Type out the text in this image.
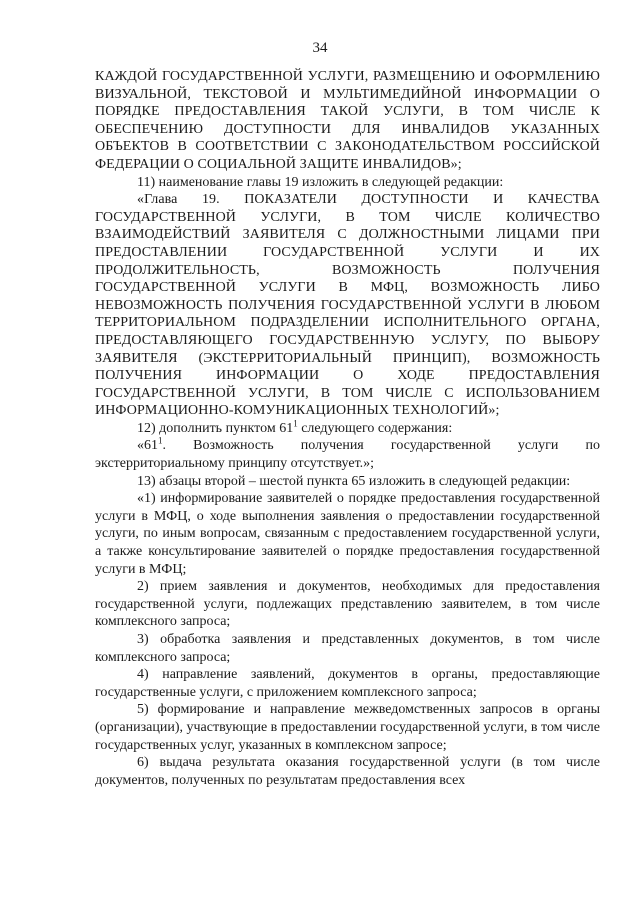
34

КАЖДОЙ ГОСУДАРСТВЕННОЙ УСЛУГИ, РАЗМЕЩЕНИЮ И ОФОРМЛЕНИЮ ВИЗУАЛЬНОЙ, ТЕКСТОВОЙ И МУЛЬТИМЕДИЙНОЙ ИНФОРМАЦИИ О ПОРЯДКЕ ПРЕДОСТАВЛЕНИЯ ТАКОЙ УСЛУГИ, В ТОМ ЧИСЛЕ К ОБЕСПЕЧЕНИЮ ДОСТУПНОСТИ ДЛЯ ИНВАЛИДОВ УКАЗАННЫХ ОБЪЕКТОВ В СООТВЕТСТВИИ С ЗАКОНОДАТЕЛЬСТВОМ РОССИЙСКОЙ ФЕДЕРАЦИИ О СОЦИАЛЬНОЙ ЗАЩИТЕ ИНВАЛИДОВ»;

11) наименование главы 19 изложить в следующей редакции:

«Глава 19. ПОКАЗАТЕЛИ ДОСТУПНОСТИ И КАЧЕСТВА ГОСУДАРСТВЕННОЙ УСЛУГИ, В ТОМ ЧИСЛЕ КОЛИЧЕСТВО ВЗАИМОДЕЙСТВИЙ ЗАЯВИТЕЛЯ С ДОЛЖНОСТНЫМИ ЛИЦАМИ ПРИ ПРЕДОСТАВЛЕНИИ ГОСУДАРСТВЕННОЙ УСЛУГИ И ИХ ПРОДОЛЖИТЕЛЬНОСТЬ, ВОЗМОЖНОСТЬ ПОЛУЧЕНИЯ ГОСУДАРСТВЕННОЙ УСЛУГИ В МФЦ, ВОЗМОЖНОСТЬ ЛИБО НЕВОЗМОЖНОСТЬ ПОЛУЧЕНИЯ ГОСУДАРСТВЕННОЙ УСЛУГИ В ЛЮБОМ ТЕРРИТОРИАЛЬНОМ ПОДРАЗДЕЛЕНИИ ИСПОЛНИТЕЛЬНОГО ОРГАНА, ПРЕДОСТАВЛЯЮЩЕГО ГОСУДАРСТВЕННУЮ УСЛУГУ, ПО ВЫБОРУ ЗАЯВИТЕЛЯ (ЭКСТЕРРИТОРИАЛЬНЫЙ ПРИНЦИП), ВОЗМОЖНОСТЬ ПОЛУЧЕНИЯ ИНФОРМАЦИИ О ХОДЕ ПРЕДОСТАВЛЕНИЯ ГОСУДАРСТВЕННОЙ УСЛУГИ, В ТОМ ЧИСЛЕ С ИСПОЛЬЗОВАНИЕМ ИНФОРМАЦИОННО-КОМУНИКАЦИОННЫХ ТЕХНОЛОГИЙ»;

12) дополнить пунктом $61^1$ следующего содержания:

«$61^1$. Возможность получения государственной услуги по экстерриториальному принципу отсутствует.»;

13) абзацы второй – шестой пункта 65 изложить в следующей редакции:

«1) информирование заявителей о порядке предоставления государственной услуги в МФЦ, о ходе выполнения заявления о предоставлении государственной услуги, по иным вопросам, связанным с предоставлением государственной услуги, а также консультирование заявителей о порядке предоставления государственной услуги в МФЦ;

2) прием заявления и документов, необходимых для предоставления государственной услуги, подлежащих представлению заявителем, в том числе комплексного запроса;

3) обработка заявления и представленных документов, в том числе комплексного запроса;

4) направление заявлений, документов в органы, предоставляющие государственные услуги, с приложением комплексного запроса;

5) формирование и направление межведомственных запросов в органы (организации), участвующие в предоставлении государственной услуги, в том числе государственных услуг, указанных в комплексном запросе;

6) выдача результата оказания государственной услуги (в том числе документов, полученных по результатам предоставления всех
